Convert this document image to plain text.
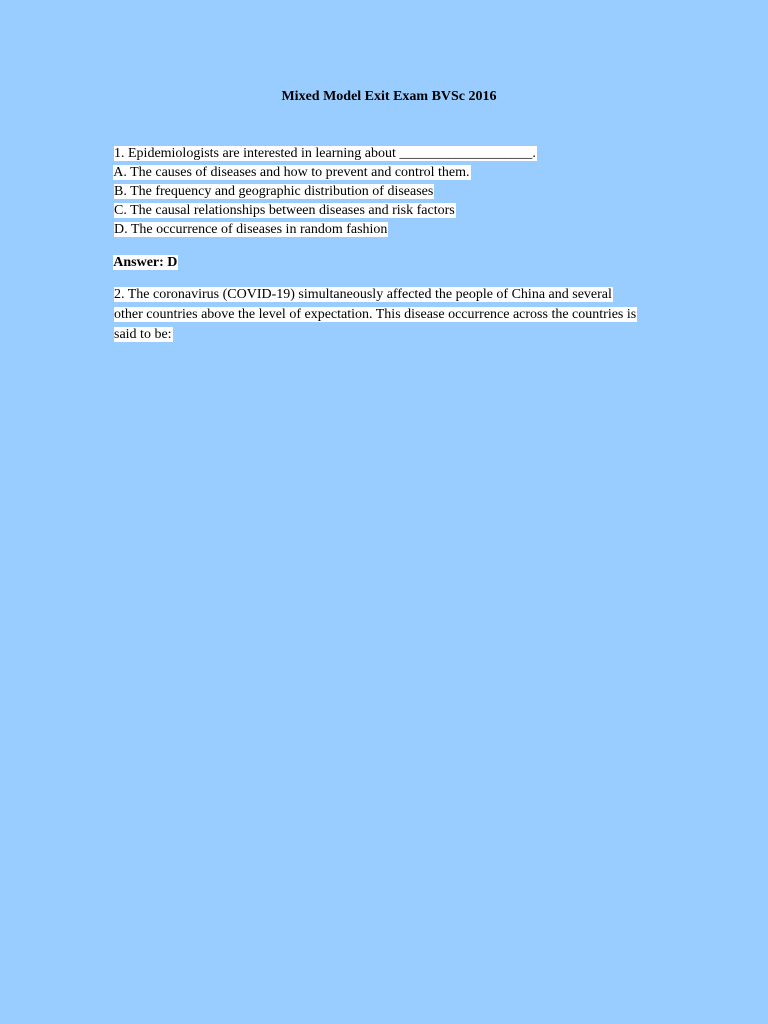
Mixed Model Exit Exam BVSc 2016

1. Epidemiologists are interested in learning about ___________________.

A. The causes of diseases and how to prevent and control them.

B. The frequency and geographic distribution of diseases

C. The causal relationships between diseases and risk factors

D. The occurrence of diseases in random fashion

Answer: D

2. The coronavirus (COVID-19) simultaneously affected the people of China and several

other countries above the level of expectation. This disease occurrence across the countries is

said to be:
